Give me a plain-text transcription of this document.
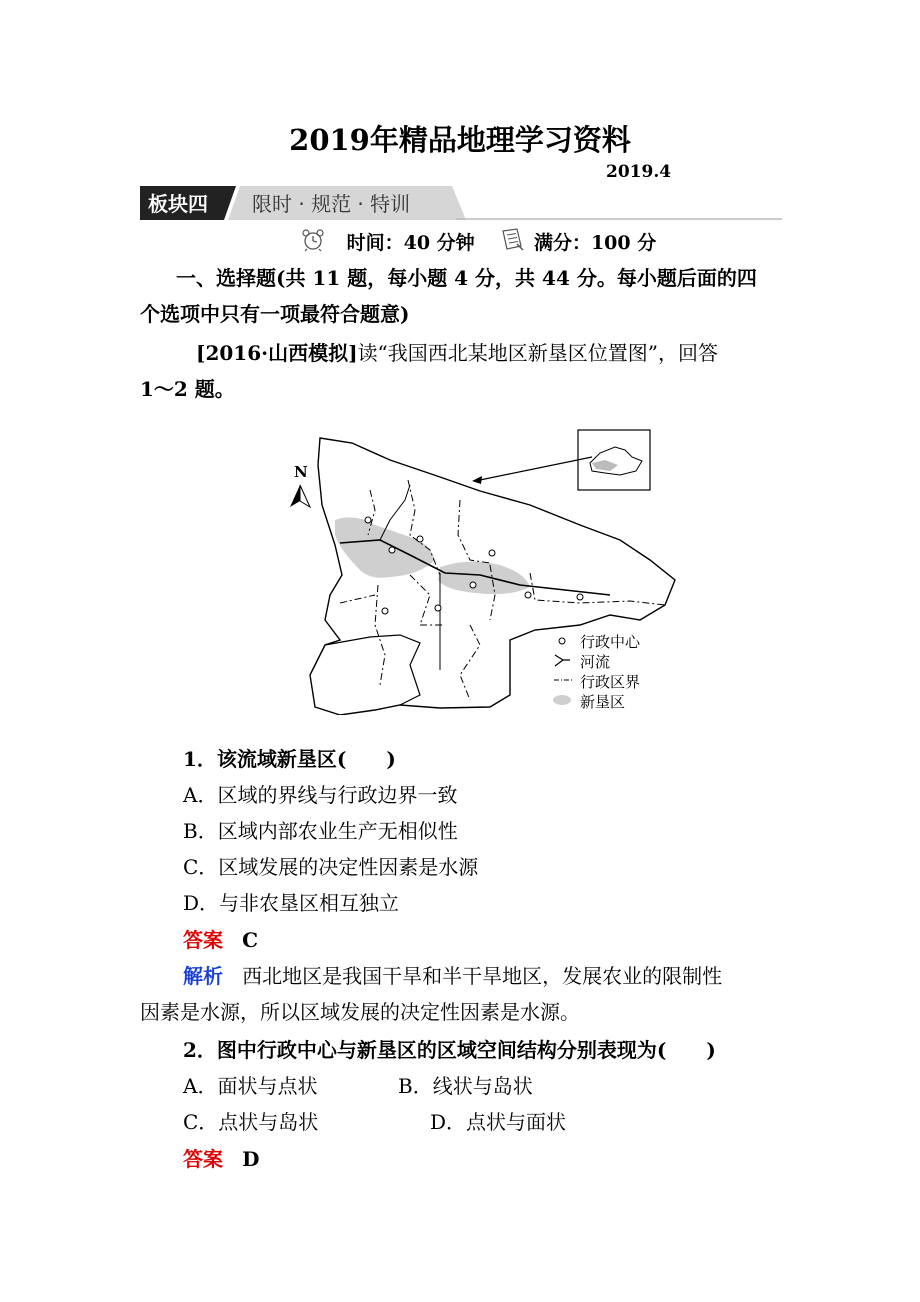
2019年精品地理学习资料
2019.4
板块四 限时 · 规范 · 特训
时间：40 分钟	满分：100 分
一、选择题(共 11 题，每小题 4 分，共 44 分。每小题后面的四
个选项中只有一项最符合题意)
[2016·山西模拟]读“我国西北某地区新垦区位置图”，回答
1～2 题。
N
行政中心
河流
行政区界
新垦区
1．该流域新垦区(　　)
A．区域的界线与行政边界一致
B．区域内部农业生产无相似性
C．区域发展的决定性因素是水源
D．与非农垦区相互独立
答案 C
解析 西北地区是我国干旱和半干旱地区，发展农业的限制性
因素是水源，所以区域发展的决定性因素是水源。
2．图中行政中心与新垦区的区域空间结构分别表现为(　　)
A．面状与点状	B．线状与岛状
C．点状与岛状	D．点状与面状
答案 D
